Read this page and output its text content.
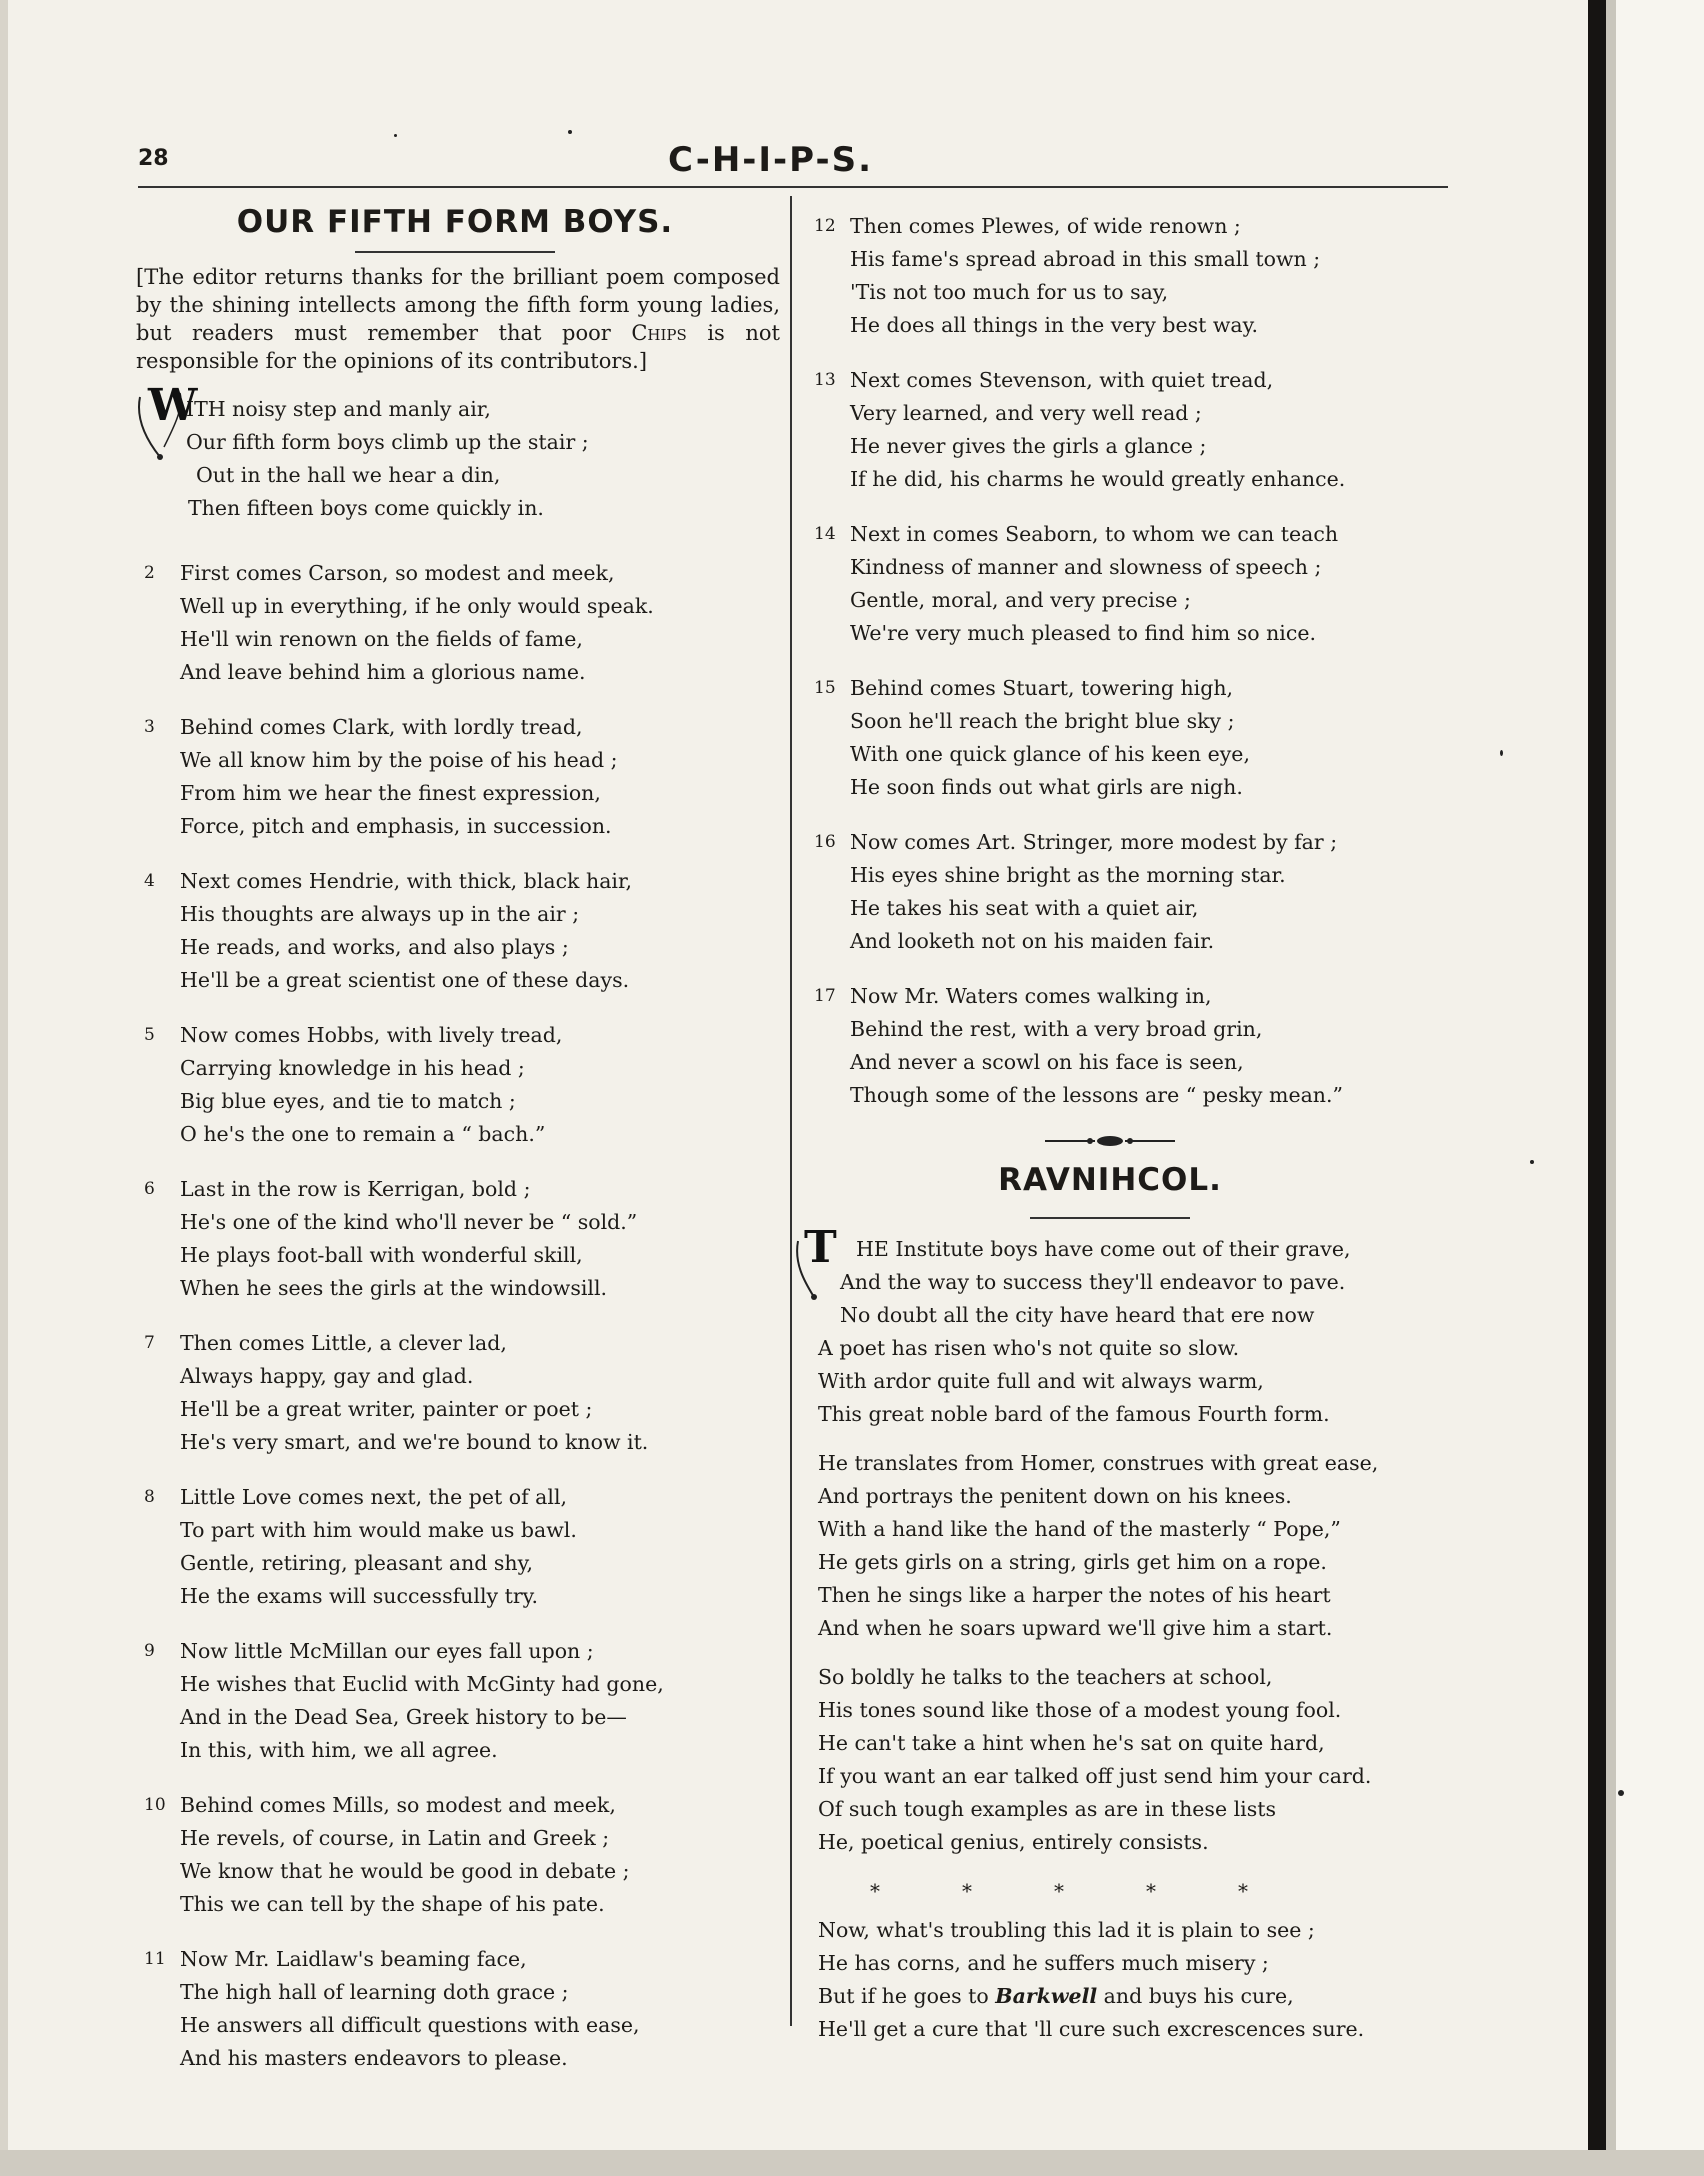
28	C-H-I-P-S.
OUR FIFTH FORM BOYS.
[The editor returns thanks for the brilliant poem composed by the shining intellects among the fifth form young ladies, but readers must remember that poor Chips is not responsible for the opinions of its contributors.]
W
ITH noisy step and manly air,
Our fifth form boys climb up the stair ;
Out in the hall we hear a din,
Then fifteen boys come quickly in.
2 First comes Carson, so modest and meek,
Well up in everything, if he only would speak.
He'll win renown on the fields of fame,
And leave behind him a glorious name.
3 Behind comes Clark, with lordly tread,
We all know him by the poise of his head ;
From him we hear the finest expression,
Force, pitch and emphasis, in succession.
4 Next comes Hendrie, with thick, black hair,
His thoughts are always up in the air ;
He reads, and works, and also plays ;
He'll be a great scientist one of these days.
5 Now comes Hobbs, with lively tread,
Carrying knowledge in his head ;
Big blue eyes, and tie to match ;
O he's the one to remain a “ bach.”
6 Last in the row is Kerrigan, bold ;
He's one of the kind who'll never be “ sold.”
He plays foot-ball with wonderful skill,
When he sees the girls at the windowsill.
7 Then comes Little, a clever lad,
Always happy, gay and glad.
He'll be a great writer, painter or poet ;
He's very smart, and we're bound to know it.
8 Little Love comes next, the pet of all,
To part with him would make us bawl.
Gentle, retiring, pleasant and shy,
He the exams will successfully try.
9 Now little McMillan our eyes fall upon ;
He wishes that Euclid with McGinty had gone,
And in the Dead Sea, Greek history to be—
In this, with him, we all agree.
10 Behind comes Mills, so modest and meek,
He revels, of course, in Latin and Greek ;
We know that he would be good in debate ;
This we can tell by the shape of his pate.
11 Now Mr. Laidlaw's beaming face,
The high hall of learning doth grace ;
He answers all difficult questions with ease,
And his masters endeavors to please.
12 Then comes Plewes, of wide renown ;
His fame's spread abroad in this small town ;
'Tis not too much for us to say,
He does all things in the very best way.
13 Next comes Stevenson, with quiet tread,
Very learned, and very well read ;
He never gives the girls a glance ;
If he did, his charms he would greatly enhance.
14 Next in comes Seaborn, to whom we can teach
Kindness of manner and slowness of speech ;
Gentle, moral, and very precise ;
We're very much pleased to find him so nice.
15 Behind comes Stuart, towering high,
Soon he'll reach the bright blue sky ;
With one quick glance of his keen eye,
He soon finds out what girls are nigh.
16 Now comes Art. Stringer, more modest by far ;
His eyes shine bright as the morning star.
He takes his seat with a quiet air,
And looketh not on his maiden fair.
17 Now Mr. Waters comes walking in,
Behind the rest, with a very broad grin,
And never a scowl on his face is seen,
Though some of the lessons are “ pesky mean.”
RAVNIHCOL.
T HE Institute boys have come out of their grave,
And the way to success they'll endeavor to pave.
No doubt all the city have heard that ere now
A poet has risen who's not quite so slow.
With ardor quite full and wit always warm,
This great noble bard of the famous Fourth form.
He translates from Homer, construes with great ease,
And portrays the penitent down on his knees.
With a hand like the hand of the masterly “ Pope,”
He gets girls on a string, girls get him on a rope.
Then he sings like a harper the notes of his heart
And when he soars upward we'll give him a start.
So boldly he talks to the teachers at school,
His tones sound like those of a modest young fool.
He can't take a hint when he's sat on quite hard,
If you want an ear talked off just send him your card.
Of such tough examples as are in these lists
He, poetical genius, entirely consists.
*	*	*	*	*
Now, what's troubling this lad it is plain to see ;
He has corns, and he suffers much misery ;
But if he goes to Barkwell and buys his cure,
He'll get a cure that 'll cure such excrescences sure.
